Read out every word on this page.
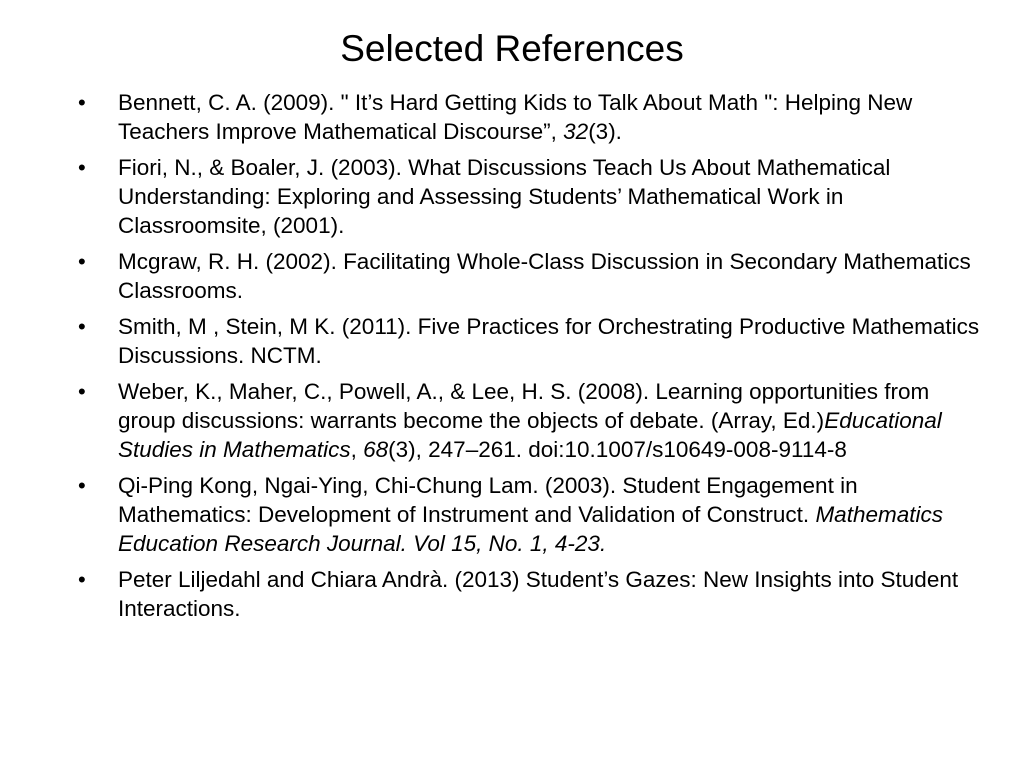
Selected References
•	Bennett, C. A. (2009). " It’s Hard Getting Kids to Talk About Math ": Helping New Teachers Improve Mathematical Discourse”, 32(3).
•	Fiori, N., & Boaler, J. (2003). What Discussions Teach Us About Mathematical Understanding: Exploring and Assessing Students’ Mathematical Work in Classroomsite, (2001).
•	Mcgraw, R. H. (2002). Facilitating Whole-Class Discussion in Secondary Mathematics Classrooms.
•	Smith, M , Stein, M K. (2011). Five Practices for Orchestrating Productive Mathematics Discussions. NCTM.
•	Weber, K., Maher, C., Powell, A., & Lee, H. S. (2008). Learning opportunities from group discussions: warrants become the objects of debate. (Array, Ed.)Educational Studies in Mathematics, 68(3), 247–261. doi:10.1007/s10649-008-9114-8
•	Qi-Ping Kong, Ngai-Ying, Chi-Chung Lam. (2003). Student Engagement in Mathematics: Development of Instrument and Validation of Construct. Mathematics Education Research Journal. Vol 15, No. 1, 4-23.
•	Peter Liljedahl and Chiara Andrà. (2013) Student’s Gazes: New Insights into Student Interactions.
